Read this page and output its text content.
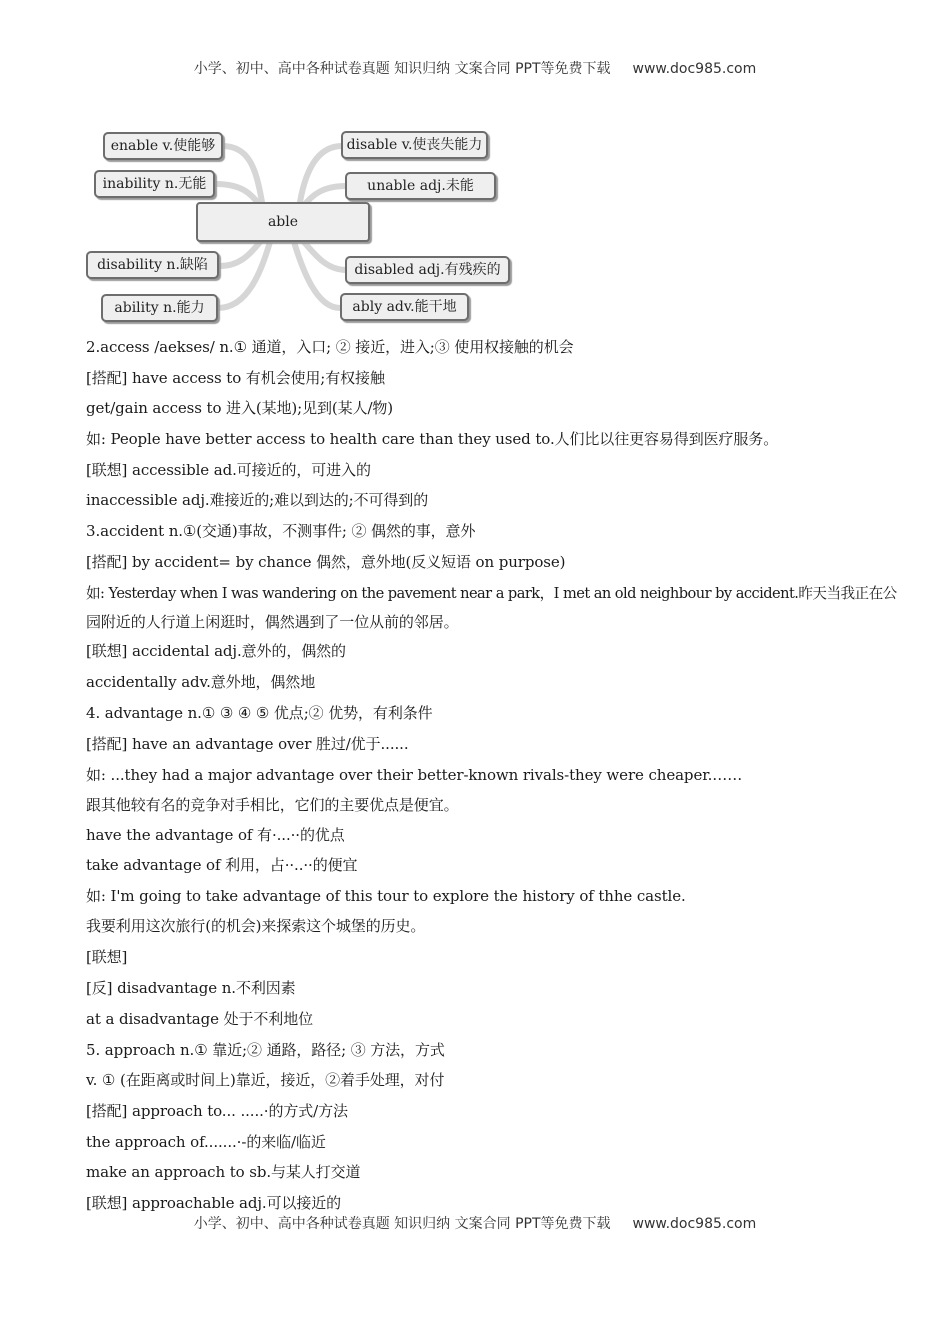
小学、初中、高中各种试卷真题 知识归纳 文案合同 PPT等免费下载 www.doc985.com
enable v.使能够
inability n.无能
disability n.缺陷
ability n.能力
able
disable v.使丧失能力
unable adj.未能
disabled adj.有残疾的
ably adv.能干地
2.access /aekses/ n.① 通道，入口; ② 接近，进入;③ 使用权接触的机会
[搭配] have access to 有机会使用;有权接触
get/gain access to 进入(某地);见到(某人/物)
如: People have better access to health care than they used to.人们比以往更容易得到医疗服务。
[联想] accessible ad.可接近的，可进入的
inaccessible adj.难接近的;难以到达的;不可得到的
3.accident n.①(交通)事故，不测事件; ② 偶然的事，意外
[搭配] by accident= by chance 偶然，意外地(反义短语 on purpose)
如: Yesterday when I was wandering on the pavement near a park，I met an old neighbour by accident.昨天当我正在公
园附近的人行道上闲逛时，偶然遇到了一位从前的邻居。
[联想] accidental adj.意外的，偶然的
accidentally adv.意外地，偶然地
4. advantage n.① ③ ④ ⑤ 优点;② 优势，有利条件
[搭配] have an advantage over 胜过/优于......
如: ...they had a major advantage over their better-known rivals-they were cheaper.……
跟其他较有名的竞争对手相比，它们的主要优点是便宜。
have the advantage of 有·...··的优点
take advantage of 利用，占··..··的便宜
如: I'm going to take advantage of this tour to explore the history of thhe castle.
我要利用这次旅行(的机会)来探索这个城堡的历史。
[联想]
[反] disadvantage n.不利因素
at a disadvantage 处于不利地位
5. approach n.① 靠近;② 通路，路径; ③ 方法，方式
v. ① (在距离或时间上)靠近，接近，②着手处理，对付
[搭配] approach to... .....·的方式/方法
the approach of.......·-的来临/临近
make an approach to sb.与某人打交道
[联想] approachable adj.可以接近的
小学、初中、高中各种试卷真题 知识归纳 文案合同 PPT等免费下载 www.doc985.com
